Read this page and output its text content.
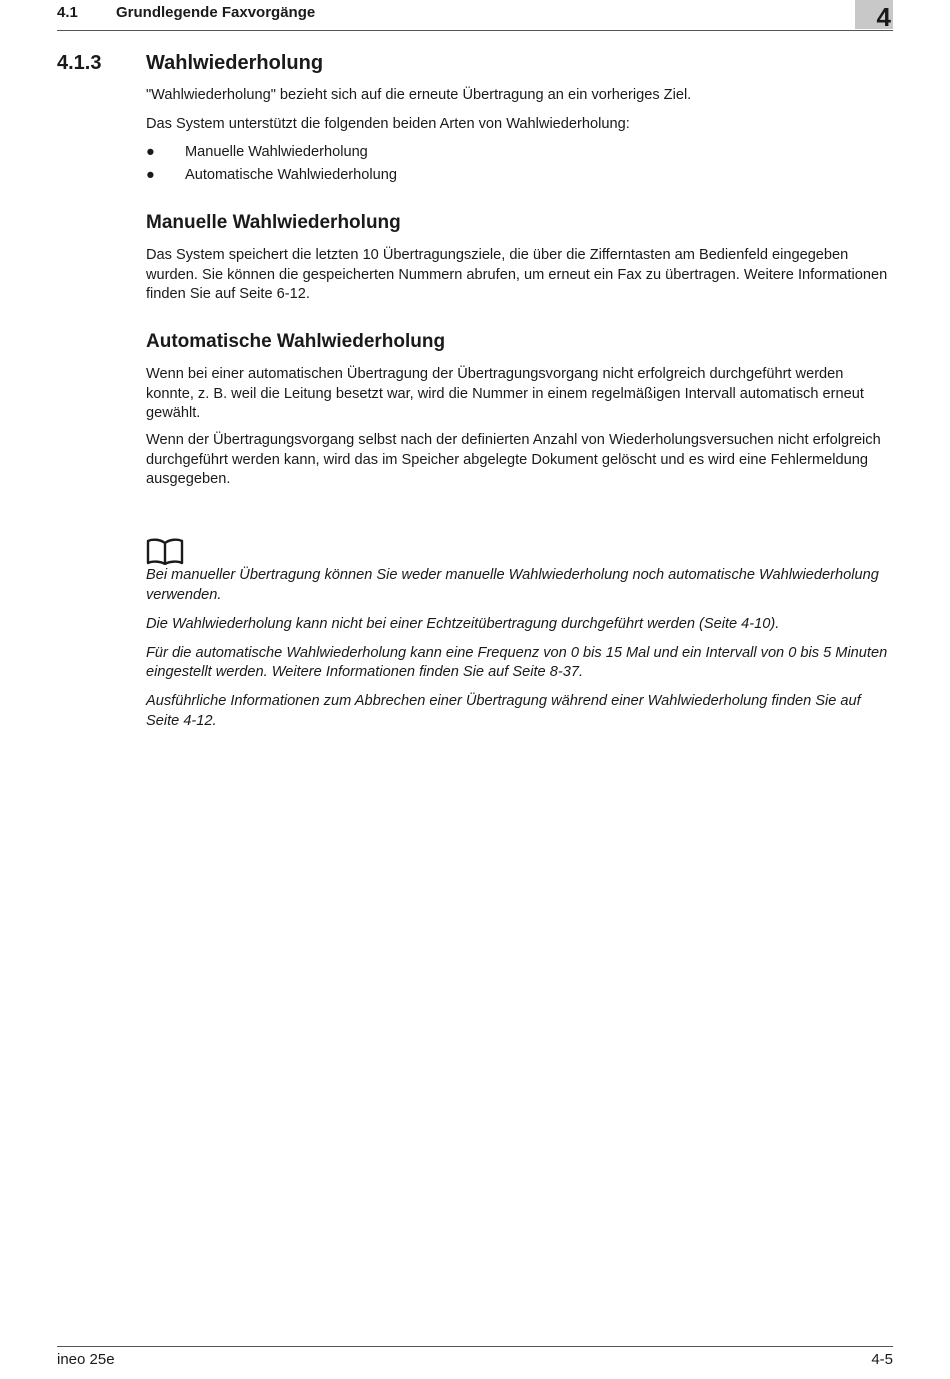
4.1	Grundlegende Faxvorgänge	4
4.1.3 Wahlwiederholung

"Wahlwiederholung" bezieht sich auf die erneute Übertragung an ein vorheriges Ziel.

Das System unterstützt die folgenden beiden Arten von Wahlwiederholung:

● Manuelle Wahlwiederholung
● Automatische Wahlwiederholung
Manuelle Wahlwiederholung

Das System speichert die letzten 10 Übertragungsziele, die über die Zifferntasten am Bedienfeld eingegeben wurden. Sie können die gespeicherten Nummern abrufen, um erneut ein Fax zu übertragen. Weitere Informationen finden Sie auf Seite 6-12.

Automatische Wahlwiederholung

Wenn bei einer automatischen Übertragung der Übertragungsvorgang nicht erfolgreich durchgeführt werden konnte, z. B. weil die Leitung besetzt war, wird die Nummer in einem regelmäßigen Intervall automatisch erneut gewählt.

Wenn der Übertragungsvorgang selbst nach der definierten Anzahl von Wiederholungsversuchen nicht erfolgreich durchgeführt werden kann, wird das im Speicher abgelegte Dokument gelöscht und es wird eine Fehlermeldung ausgegeben.

Bei manueller Übertragung können Sie weder manuelle Wahlwiederholung noch automatische Wahlwiederholung verwenden.

Die Wahlwiederholung kann nicht bei einer Echtzeitübertragung durchgeführt werden (Seite 4-10).

Für die automatische Wahlwiederholung kann eine Frequenz von 0 bis 15 Mal und ein Intervall von 0 bis 5 Minuten eingestellt werden. Weitere Informationen finden Sie auf Seite 8-37.

Ausführliche Informationen zum Abbrechen einer Übertragung während einer Wahlwiederholung finden Sie auf Seite 4-12.

ineo 25e	4-5
